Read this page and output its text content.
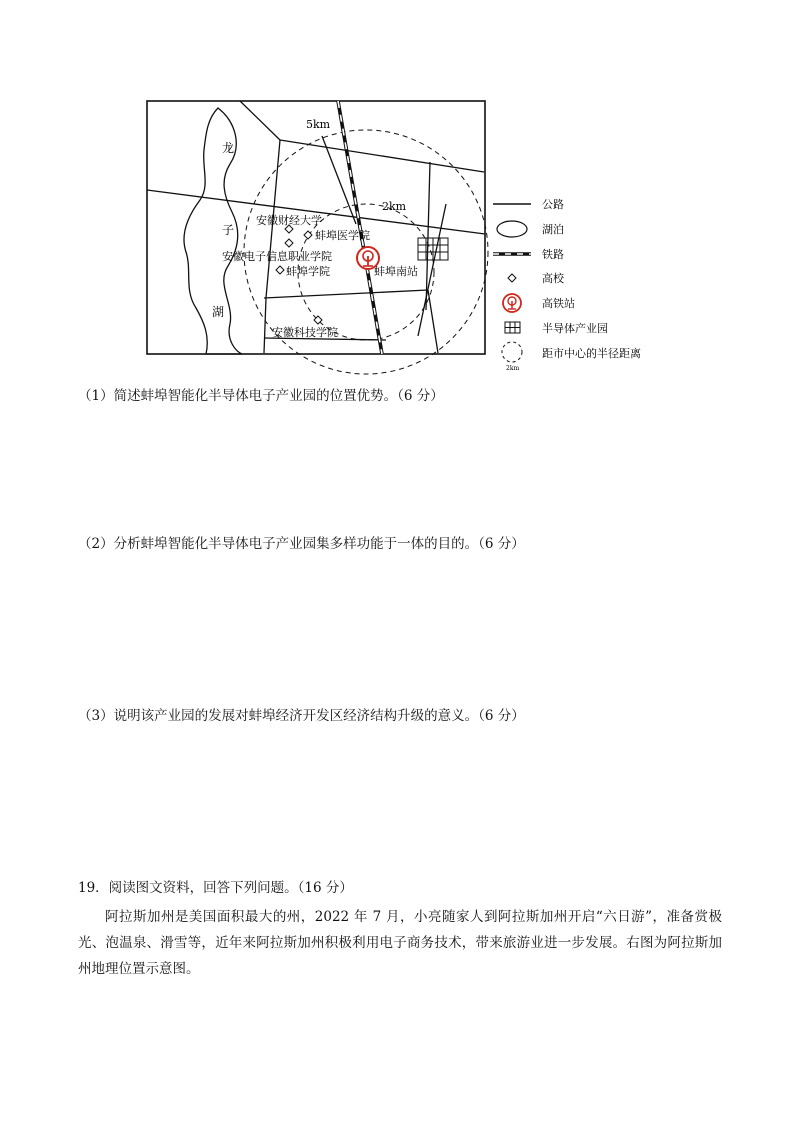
龙
子
湖
5km
2km
安徽财经大学
蚌埠医学院
安徽电子信息职业学院
蚌埠学院
安徽科技学院
蚌埠南站
公路
湖泊
铁路
高校
高铁站
半导体产业园
2km
距市中心的半径距离
（1）简述蚌埠智能化半导体电子产业园的位置优势。（6 分）
（2）分析蚌埠智能化半导体电子产业园集多样功能于一体的目的。（6 分）
（3）说明该产业园的发展对蚌埠经济开发区经济结构升级的意义。（6 分）
19．阅读图文资料，回答下列问题。（16 分）
阿拉斯加州是美国面积最大的州，2022 年 7 月，小亮随家人到阿拉斯加州开启“六日游”，准备赏极光、泡温泉、滑雪等，近年来阿拉斯加州积极利用电子商务技术，带来旅游业进一步发展。右图为阿拉斯加州地理位置示意图。
